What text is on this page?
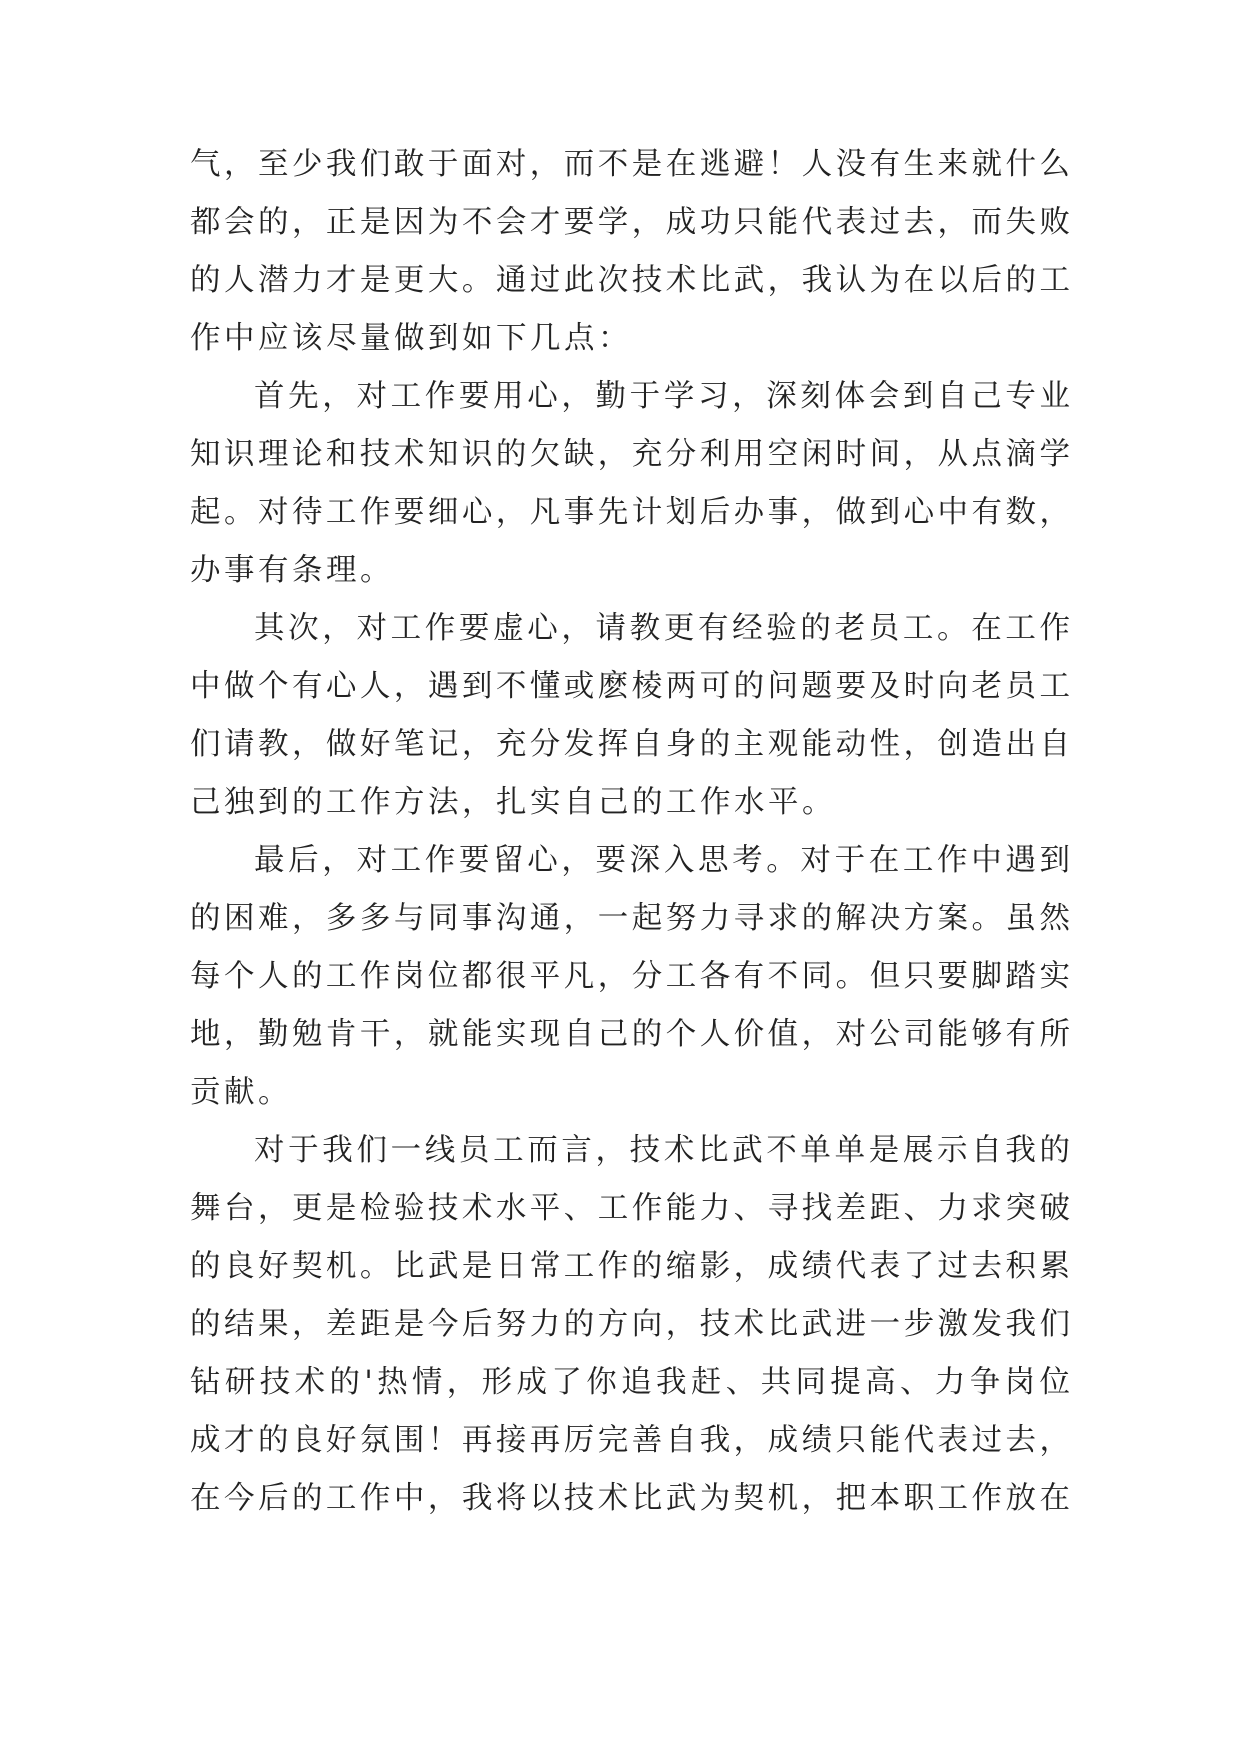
气，至少我们敢于面对，而不是在逃避！人没有生来就什么
都会的，正是因为不会才要学，成功只能代表过去，而失败
的人潜力才是更大。通过此次技术比武，我认为在以后的工
作中应该尽量做到如下几点：
首先，对工作要用心，勤于学习，深刻体会到自己专业
知识理论和技术知识的欠缺，充分利用空闲时间，从点滴学
起。对待工作要细心，凡事先计划后办事，做到心中有数，
办事有条理。
其次，对工作要虚心，请教更有经验的老员工。在工作
中做个有心人，遇到不懂或麽棱两可的问题要及时向老员工
们请教，做好笔记，充分发挥自身的主观能动性，创造出自
己独到的工作方法，扎实自己的工作水平。
最后，对工作要留心，要深入思考。对于在工作中遇到
的困难，多多与同事沟通，一起努力寻求的解决方案。虽然
每个人的工作岗位都很平凡，分工各有不同。但只要脚踏实
地，勤勉肯干，就能实现自己的个人价值，对公司能够有所
贡献。
对于我们一线员工而言，技术比武不单单是展示自我的
舞台，更是检验技术水平、工作能力、寻找差距、力求突破
的良好契机。比武是日常工作的缩影，成绩代表了过去积累
的结果，差距是今后努力的方向，技术比武进一步激发我们
钻研技术的'热情，形成了你追我赶、共同提高、力争岗位
成才的良好氛围！再接再厉完善自我，成绩只能代表过去，
在今后的工作中，我将以技术比武为契机，把本职工作放在
